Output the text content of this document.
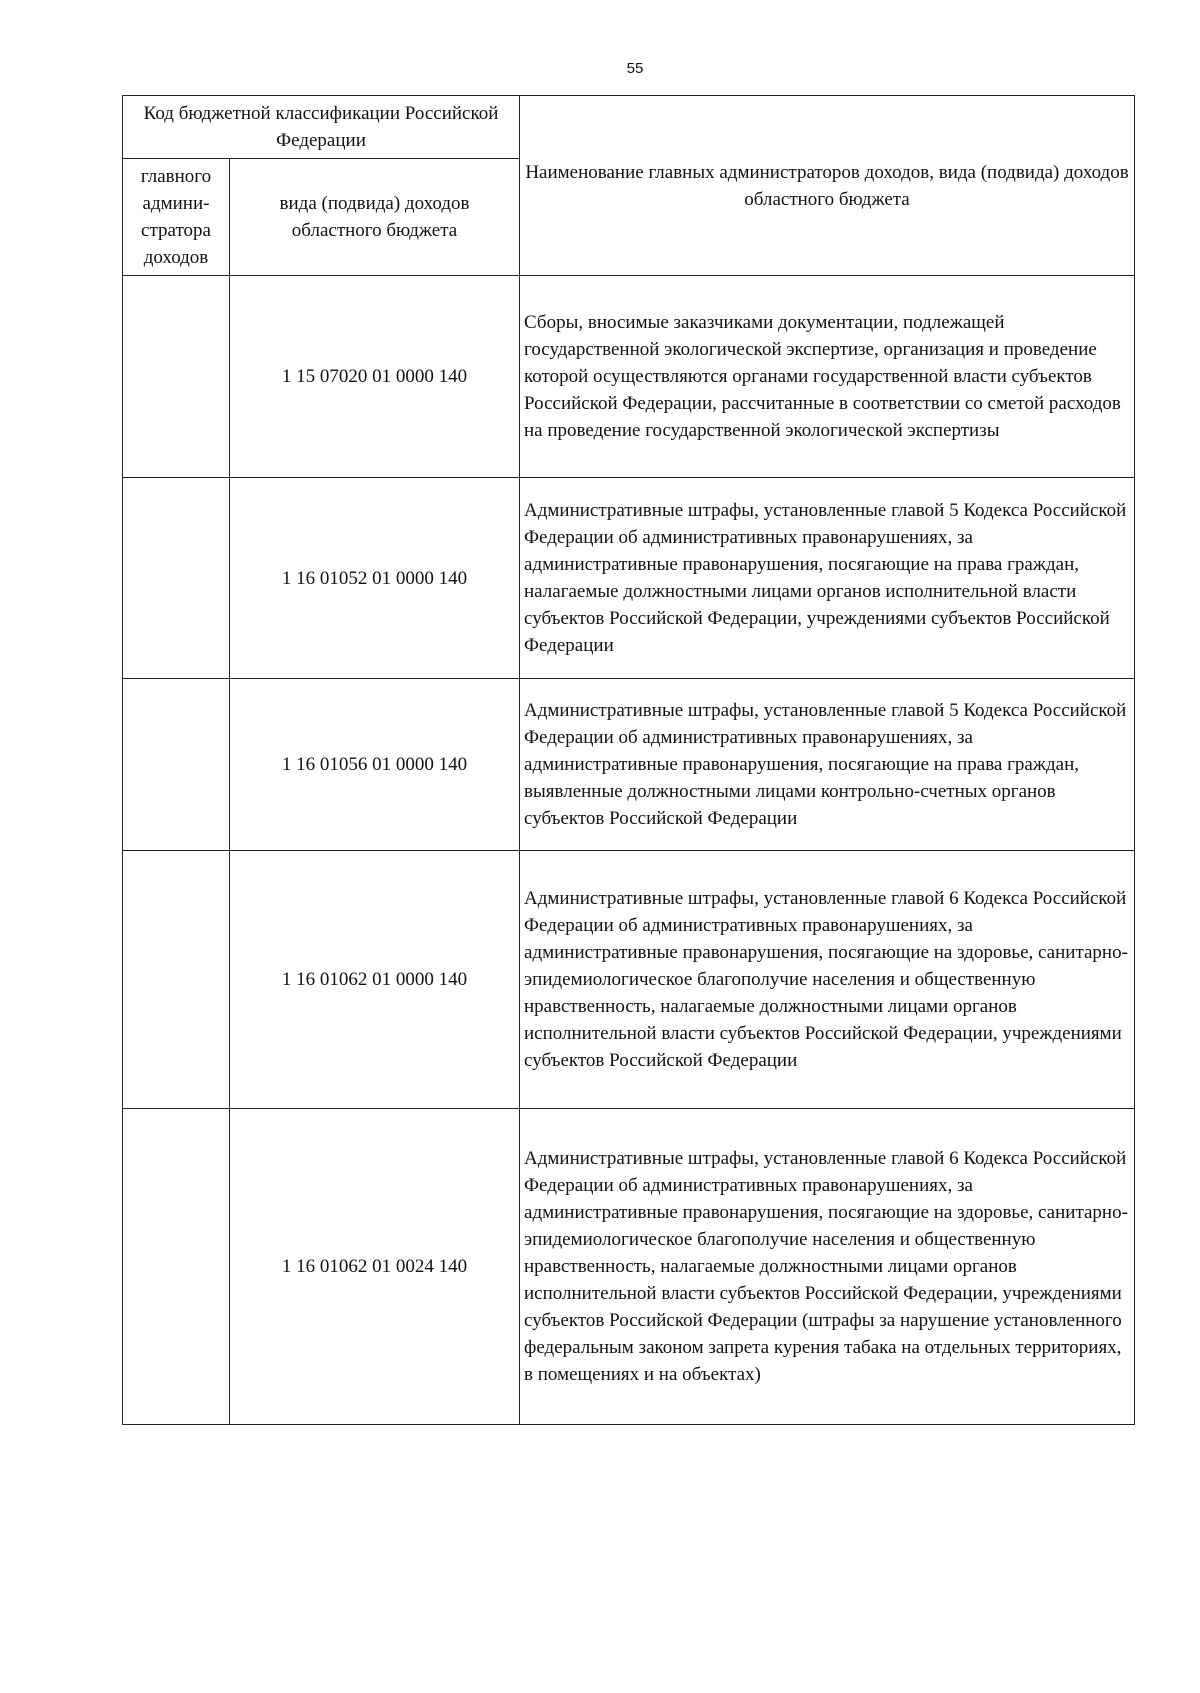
55
Код бюджетной классификации Российской Федерации		Наименование главных администраторов доходов, вида (подвида) доходов областного бюджета
главного админи-стратора доходов	вида (подвида) доходов областного бюджета	
	1 15 07020 01 0000 140	Сборы, вносимые заказчиками документации, подлежащей государственной экологической экспертизе, организация и проведение которой осуществляются органами государственной власти субъектов Российской Федерации, рассчитанные в соответствии со сметой расходов на проведение государственной экологической экспертизы
	1 16 01052 01 0000 140	Административные штрафы, установленные главой 5 Кодекса Российской Федерации об административных правонарушениях, за административные правонарушения, посягающие на права граждан, налагаемые должностными лицами органов исполнительной власти субъектов Российской Федерации, учреждениями субъектов Российской Федерации
	1 16 01056 01 0000 140	Административные штрафы, установленные главой 5 Кодекса Российской Федерации об административных правонарушениях, за административные правонарушения, посягающие на права граждан, выявленные должностными лицами контрольно-счетных органов субъектов Российской Федерации
	1 16 01062 01 0000 140	Административные штрафы, установленные главой 6 Кодекса Российской Федерации об административных правонарушениях, за административные правонарушения, посягающие на здоровье, санитарно-эпидемиологическое благополучие населения и общественную нравственность, налагаемые должностными лицами органов исполнительной власти субъектов Российской Федерации, учреждениями субъектов Российской Федерации
	1 16 01062 01 0024 140	Административные штрафы, установленные главой 6 Кодекса Российской Федерации об административных правонарушениях, за административные правонарушения, посягающие на здоровье, санитарно-эпидемиологическое благополучие населения и общественную нравственность, налагаемые должностными лицами органов исполнительной власти субъектов Российской Федерации, учреждениями субъектов Российской Федерации (штрафы за нарушение установленного федеральным законом запрета курения табака на отдельных территориях, в помещениях и на объектах)
